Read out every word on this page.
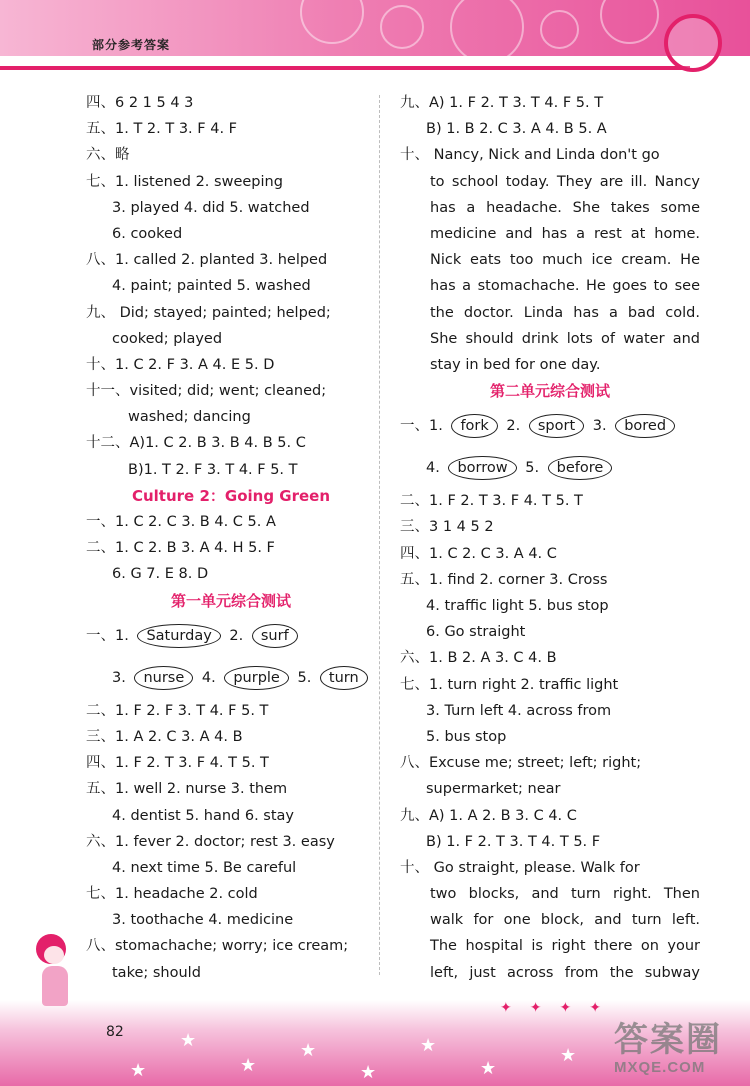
部分参考答案
四、6 2 1 5 4 3
五、1. T 2. T 3. F 4. F
六、略
七、1. listened 2. sweeping
3. played 4. did 5. watched
6. cooked
八、1. called 2. planted 3. helped
4. paint; painted 5. washed
九、 Did; stayed; painted; helped;
cooked; played
十、1. C 2. F 3. A 4. E 5. D
十一、visited; did; went; cleaned;
washed; dancing
十二、A)1. C 2. B 3. B 4. B 5. C
B)1. T 2. F 3. T 4. F 5. T
Culture 2：Going Green
一、1. C 2. C 3. B 4. C 5. A
二、1. C 2. B 3. A 4. H 5. F
6. G 7. E 8. D
第一单元综合测试
一、1. Saturday 2. surf
3. nurse 4. purple 5. turn
二、1. F 2. F 3. T 4. F 5. T
三、1. A 2. C 3. A 4. B
四、1. F 2. T 3. F 4. T 5. T
五、1. well 2. nurse 3. them
4. dentist 5. hand 6. stay
六、1. fever 2. doctor; rest 3. easy
4. next time 5. Be careful
七、1. headache 2. cold
3. toothache 4. medicine
八、stomachache; worry; ice cream;
take; should
九、A) 1. F 2. T 3. T 4. F 5. T
B) 1. B 2. C 3. A 4. B 5. A
十、 Nancy, Nick and Linda don't go
to school today. They are ill. Nancy
has a headache. She takes some
medicine and has a rest at home.
Nick eats too much ice cream. He
has a stomachache. He goes to see
the doctor. Linda has a bad cold.
She should drink lots of water and
stay in bed for one day.
第二单元综合测试
一、1. fork 2. sport 3. bored
4. borrow 5. before
二、1. F 2. T 3. F 4. T 5. T
三、3 1 4 5 2
四、1. C 2. C 3. A 4. C
五、1. find 2. corner 3. Cross
4. traffic light 5. bus stop
6. Go straight
六、1. B 2. A 3. C 4. B
七、1. turn right 2. traffic light
3. Turn left 4. across from
5. bus stop
八、Excuse me; street; left; right;
supermarket; near
九、A) 1. A 2. B 3. C 4. C
B) 1. F 2. T 3. T 4. T 5. F
十、 Go straight, please. Walk for
two blocks, and turn right. Then
walk for one block, and turn left.
The hospital is right there on your
left, just across from the subway
★
★
★
★
★
★
★
★
✦✦✦✦
82	答案圈
MXQE.COM
